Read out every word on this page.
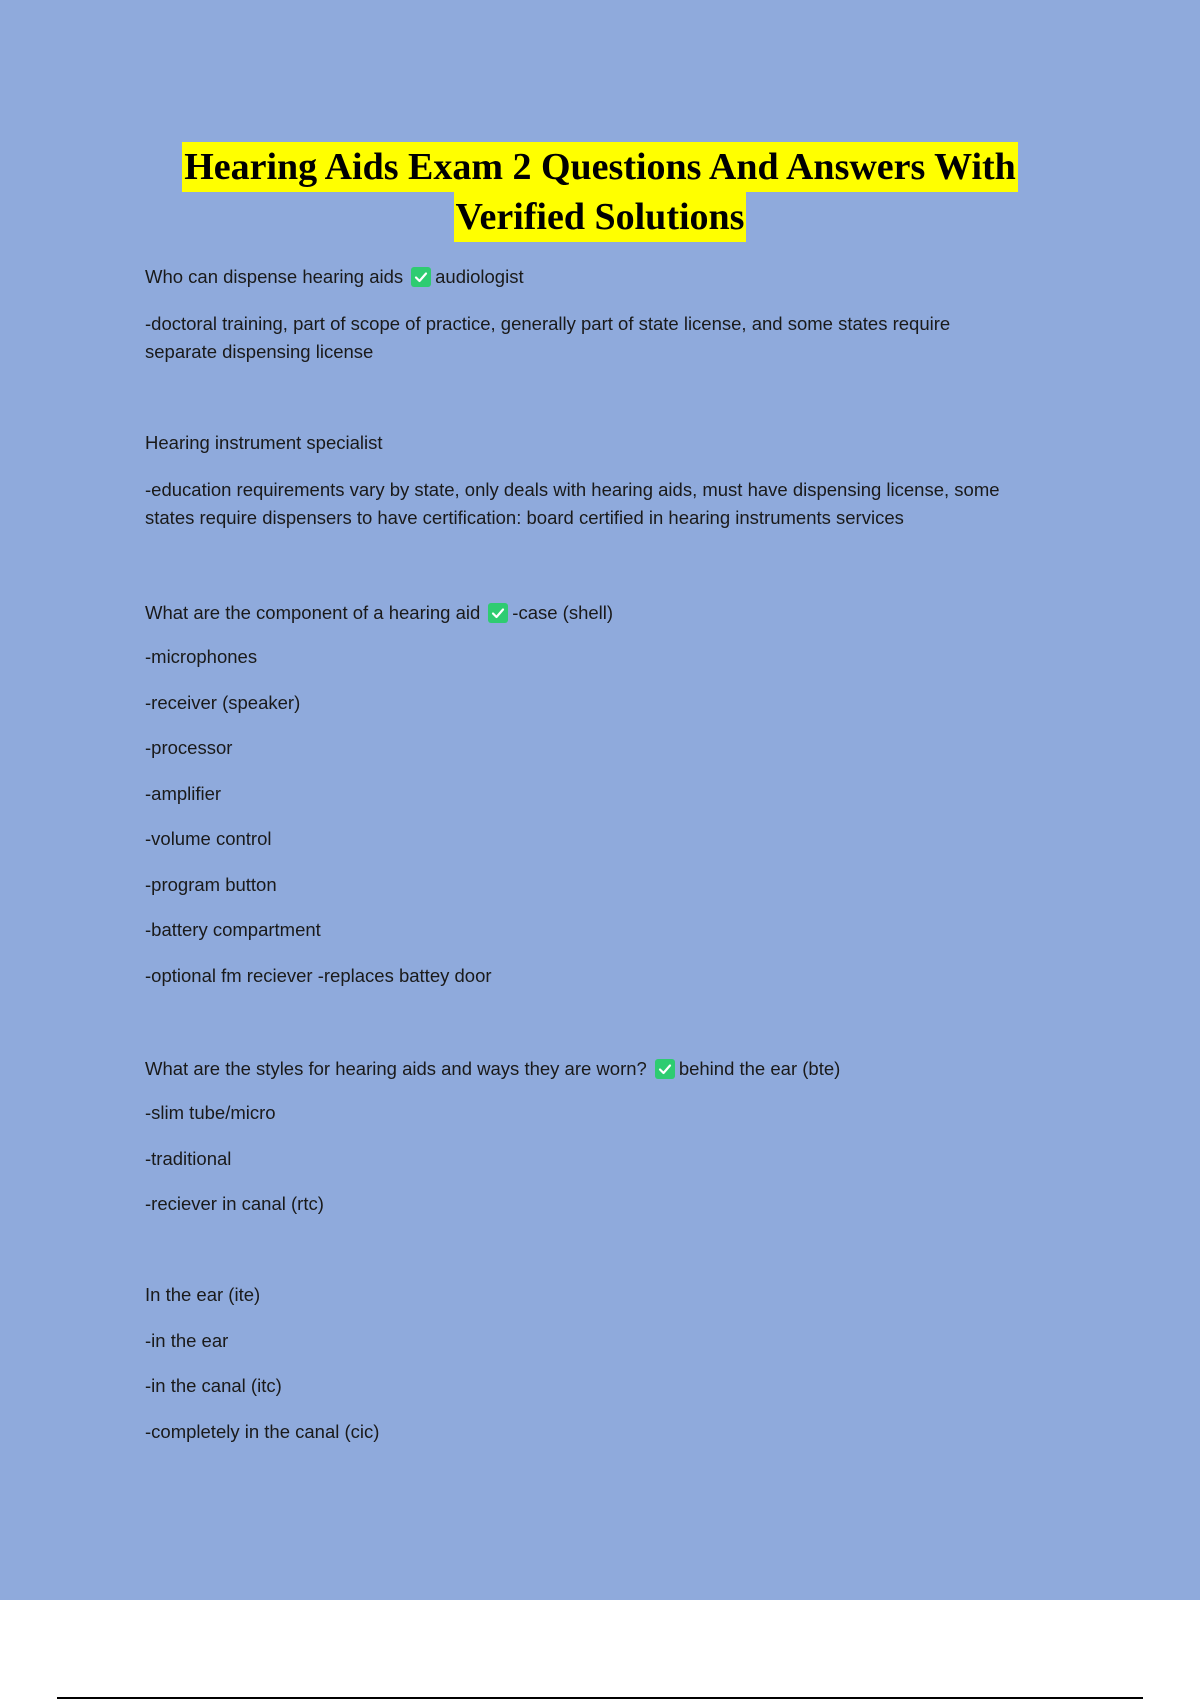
Hearing Aids Exam 2 Questions And Answers With
Verified Solutions
Who can dispense hearing aids audiologist
-doctoral training, part of scope of practice, generally part of state license, and some states require
separate dispensing license
Hearing instrument specialist
-education requirements vary by state, only deals with hearing aids, must have dispensing license, some
states require dispensers to have certification: board certified in hearing instruments services
What are the component of a hearing aid -case (shell)
-microphones
-receiver (speaker)
-processor
-amplifier
-volume control
-program button
-battery compartment
-optional fm reciever -replaces battey door
What are the styles for hearing aids and ways they are worn? behind the ear (bte)
-slim tube/micro
-traditional
-reciever in canal (rtc)
In the ear (ite)
-in the ear
-in the canal (itc)
-completely in the canal (cic)
